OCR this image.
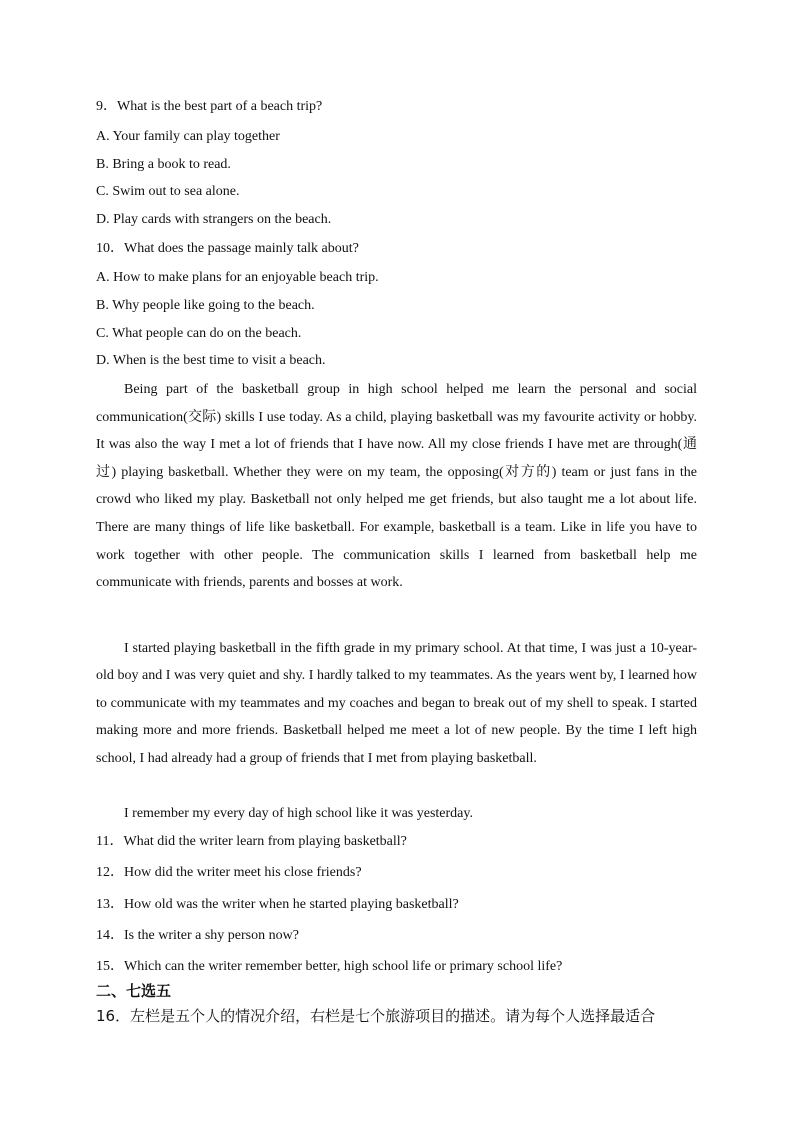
9．What is the best part of a beach trip?
A. Your family can play together
B. Bring a book to read.
C. Swim out to sea alone.
D. Play cards with strangers on the beach.
10．What does the passage mainly talk about?
A. How to make plans for an enjoyable beach trip.
B. Why people like going to the beach.
C. What people can do on the beach.
D. When is the best time to visit a beach.

Being part of the basketball group in high school helped me learn the personal and social communication(交际) skills I use today. As a child, playing basketball was my favourite activity or hobby. It was also the way I met a lot of friends that I have now. All my close friends I have met are through(通过) playing basketball. Whether they were on my team, the opposing(对方的) team or just fans in the crowd who liked my play. Basketball not only helped me get friends, but also taught me a lot about life. There are many things of life like basketball. For example, basketball is a team. Like in life you have to work together with other people. The communication skills I learned from basketball help me communicate with friends, parents and bosses at work.

I started playing basketball in the fifth grade in my primary school. At that time, I was just a 10-year-old boy and I was very quiet and shy. I hardly talked to my teammates. As the years went by, I learned how to communicate with my teammates and my coaches and began to break out of my shell to speak. I started making more and more friends. Basketball helped me meet a lot of new people. By the time I left high school, I had already had a group of friends that I met from playing basketball.

I remember my every day of high school like it was yesterday.
11．What did the writer learn from playing basketball?
12．How did the writer meet his close friends?
13．How old was the writer when he started playing basketball?
14．Is the writer a shy person now?
15．Which can the writer remember better, high school life or primary school life?
二、七选五
16．左栏是五个人的情况介绍，右栏是七个旅游项目的描述。请为每个人选择最适合
